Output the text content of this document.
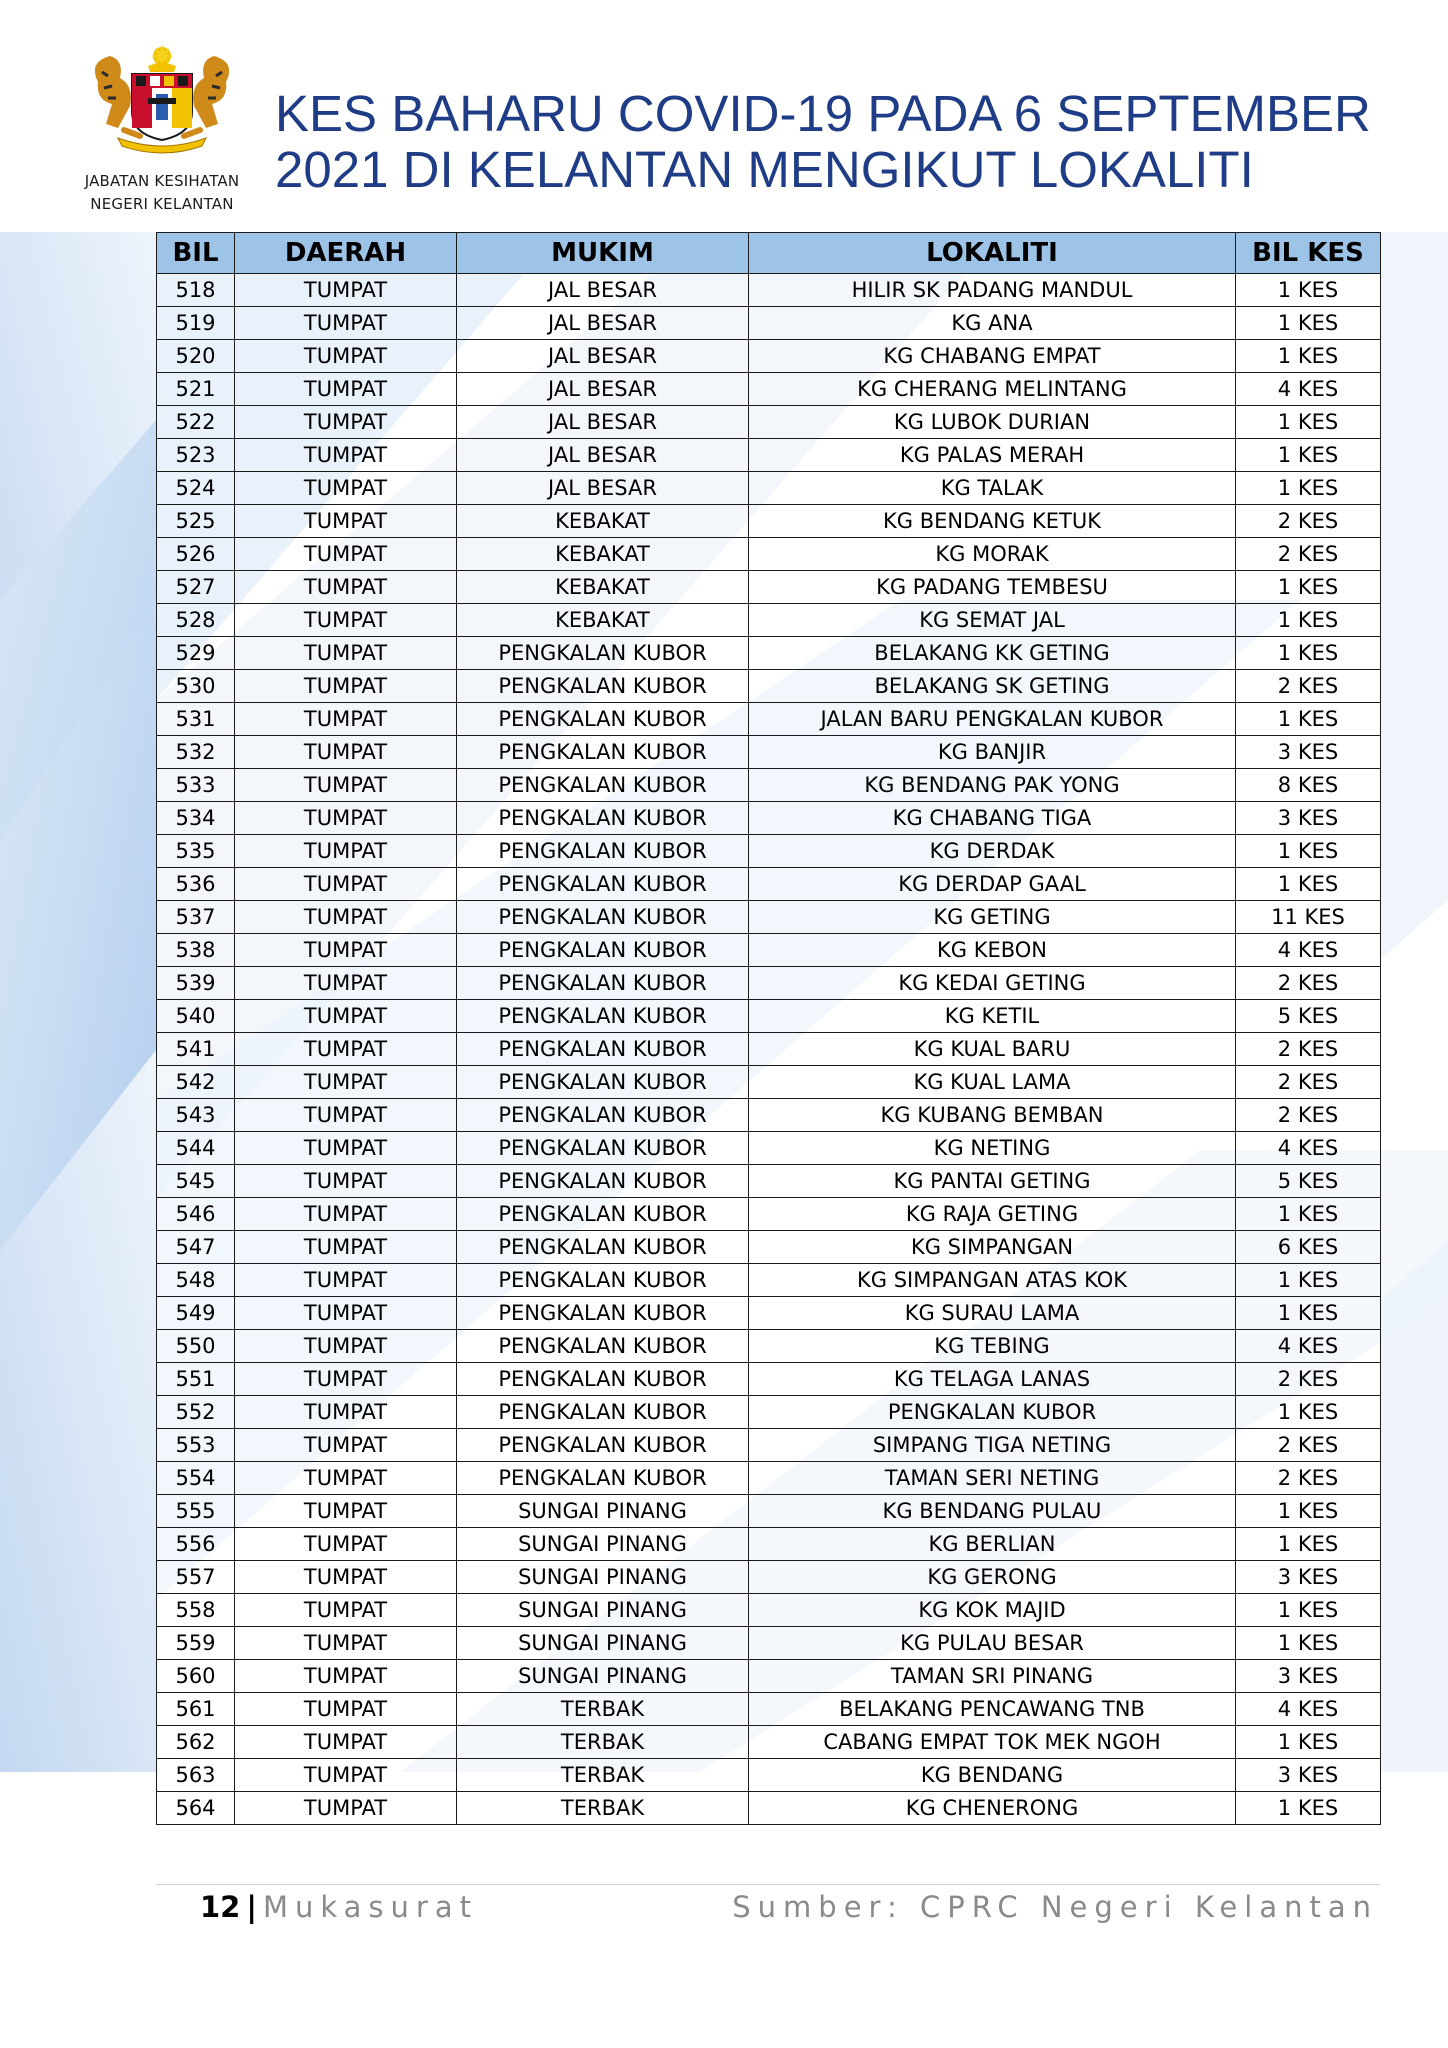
JABATAN KESIHATAN
NEGERI KELANTAN
KES BAHARU COVID-19 PADA 6 SEPTEMBER
2021 DI KELANTAN MENGIKUT LOKALITI
BIL	DAERAH	MUKIM	LOKALITI	BIL KES
518	TUMPAT	JAL BESAR	HILIR SK PADANG MANDUL	1 KES
519	TUMPAT	JAL BESAR	KG ANA	1 KES
520	TUMPAT	JAL BESAR	KG CHABANG EMPAT	1 KES
521	TUMPAT	JAL BESAR	KG CHERANG MELINTANG	4 KES
522	TUMPAT	JAL BESAR	KG LUBOK DURIAN	1 KES
523	TUMPAT	JAL BESAR	KG PALAS MERAH	1 KES
524	TUMPAT	JAL BESAR	KG TALAK	1 KES
525	TUMPAT	KEBAKAT	KG BENDANG KETUK	2 KES
526	TUMPAT	KEBAKAT	KG MORAK	2 KES
527	TUMPAT	KEBAKAT	KG PADANG TEMBESU	1 KES
528	TUMPAT	KEBAKAT	KG SEMAT JAL	1 KES
529	TUMPAT	PENGKALAN KUBOR	BELAKANG KK GETING	1 KES
530	TUMPAT	PENGKALAN KUBOR	BELAKANG SK GETING	2 KES
531	TUMPAT	PENGKALAN KUBOR	JALAN BARU PENGKALAN KUBOR	1 KES
532	TUMPAT	PENGKALAN KUBOR	KG BANJIR	3 KES
533	TUMPAT	PENGKALAN KUBOR	KG BENDANG PAK YONG	8 KES
534	TUMPAT	PENGKALAN KUBOR	KG CHABANG TIGA	3 KES
535	TUMPAT	PENGKALAN KUBOR	KG DERDAK	1 KES
536	TUMPAT	PENGKALAN KUBOR	KG DERDAP GAAL	1 KES
537	TUMPAT	PENGKALAN KUBOR	KG GETING	11 KES
538	TUMPAT	PENGKALAN KUBOR	KG KEBON	4 KES
539	TUMPAT	PENGKALAN KUBOR	KG KEDAI GETING	2 KES
540	TUMPAT	PENGKALAN KUBOR	KG KETIL	5 KES
541	TUMPAT	PENGKALAN KUBOR	KG KUAL BARU	2 KES
542	TUMPAT	PENGKALAN KUBOR	KG KUAL LAMA	2 KES
543	TUMPAT	PENGKALAN KUBOR	KG KUBANG BEMBAN	2 KES
544	TUMPAT	PENGKALAN KUBOR	KG NETING	4 KES
545	TUMPAT	PENGKALAN KUBOR	KG PANTAI GETING	5 KES
546	TUMPAT	PENGKALAN KUBOR	KG RAJA GETING	1 KES
547	TUMPAT	PENGKALAN KUBOR	KG SIMPANGAN	6 KES
548	TUMPAT	PENGKALAN KUBOR	KG SIMPANGAN ATAS KOK	1 KES
549	TUMPAT	PENGKALAN KUBOR	KG SURAU LAMA	1 KES
550	TUMPAT	PENGKALAN KUBOR	KG TEBING	4 KES
551	TUMPAT	PENGKALAN KUBOR	KG TELAGA LANAS	2 KES
552	TUMPAT	PENGKALAN KUBOR	PENGKALAN KUBOR	1 KES
553	TUMPAT	PENGKALAN KUBOR	SIMPANG TIGA NETING	2 KES
554	TUMPAT	PENGKALAN KUBOR	TAMAN SERI NETING	2 KES
555	TUMPAT	SUNGAI PINANG	KG BENDANG PULAU	1 KES
556	TUMPAT	SUNGAI PINANG	KG BERLIAN	1 KES
557	TUMPAT	SUNGAI PINANG	KG GERONG	3 KES
558	TUMPAT	SUNGAI PINANG	KG KOK MAJID	1 KES
559	TUMPAT	SUNGAI PINANG	KG PULAU BESAR	1 KES
560	TUMPAT	SUNGAI PINANG	TAMAN SRI PINANG	3 KES
561	TUMPAT	TERBAK	BELAKANG PENCAWANG TNB	4 KES
562	TUMPAT	TERBAK	CABANG EMPAT TOK MEK NGOH	1 KES
563	TUMPAT	TERBAK	KG BENDANG	3 KES
564	TUMPAT	TERBAK	KG CHENERONG	1 KES
12 | Mukasurat	Sumber: CPRC Negeri Kelantan
